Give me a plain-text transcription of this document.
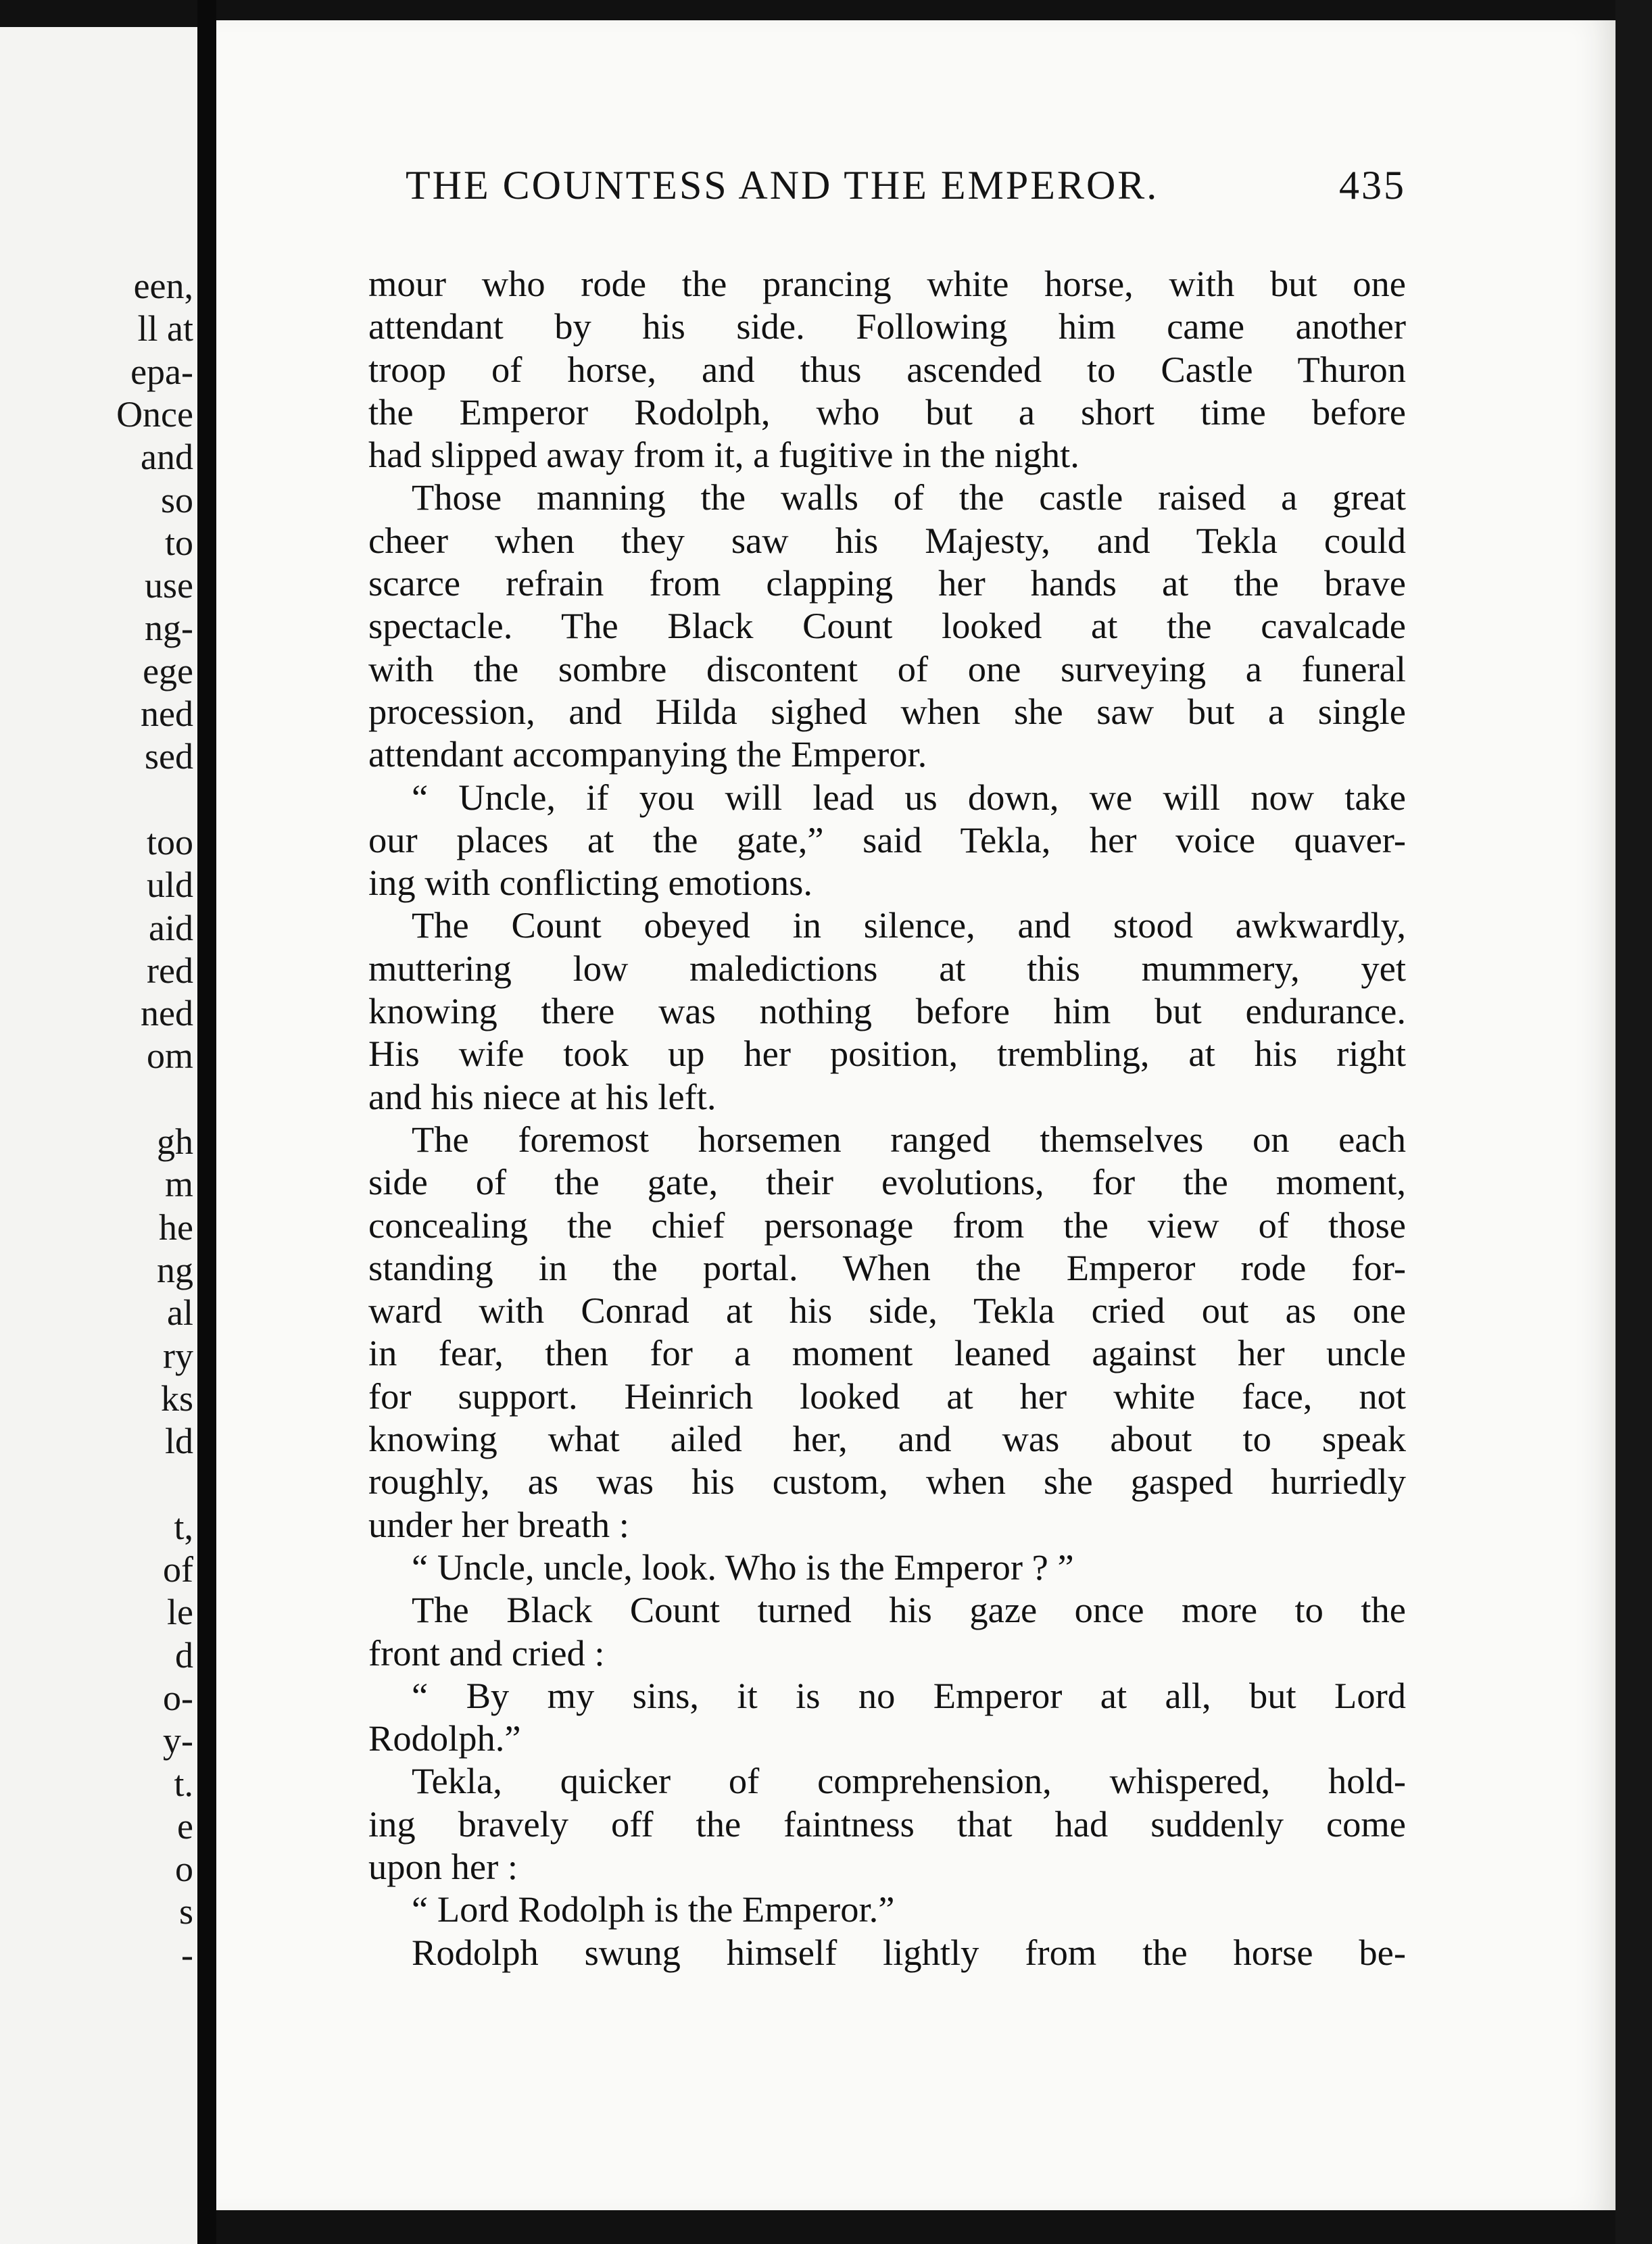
een,
ll at
epa-
Once
and
so
to
use
ng-
ege
ned
sed
too
uld
aid
red
ned
om
gh
m
he
ng
al
ry
ks
ld
t,
of
le
d
o-
y-
t.
e
o
s
-
THE COUNTESS AND THE EMPEROR.	435
mour who rode the prancing white horse, with but one
attendant by his side. Following him came another
troop of horse, and thus ascended to Castle Thuron
the Emperor Rodolph, who but a short time before
had slipped away from it, a fugitive in the night.
Those manning the walls of the castle raised a great
cheer when they saw his Majesty, and Tekla could
scarce refrain from clapping her hands at the brave
spectacle. The Black Count looked at the cavalcade
with the sombre discontent of one surveying a funeral
procession, and Hilda sighed when she saw but a single
attendant accompanying the Emperor.
“ Uncle, if you will lead us down, we will now take
our places at the gate,” said Tekla, her voice quaver-
ing with conflicting emotions.
The Count obeyed in silence, and stood awkwardly,
muttering low maledictions at this mummery, yet
knowing there was nothing before him but endurance.
His wife took up her position, trembling, at his right
and his niece at his left.
The foremost horsemen ranged themselves on each
side of the gate, their evolutions, for the moment,
concealing the chief personage from the view of those
standing in the portal. When the Emperor rode for-
ward with Conrad at his side, Tekla cried out as one
in fear, then for a moment leaned against her uncle
for support. Heinrich looked at her white face, not
knowing what ailed her, and was about to speak
roughly, as was his custom, when she gasped hurriedly
under her breath :
“ Uncle, uncle, look. Who is the Emperor ? ”
The Black Count turned his gaze once more to the
front and cried :
“ By my sins, it is no Emperor at all, but Lord
Rodolph.”
Tekla, quicker of comprehension, whispered, hold-
ing bravely off the faintness that had suddenly come
upon her :
“ Lord Rodolph is the Emperor.”
Rodolph swung himself lightly from the horse be-
